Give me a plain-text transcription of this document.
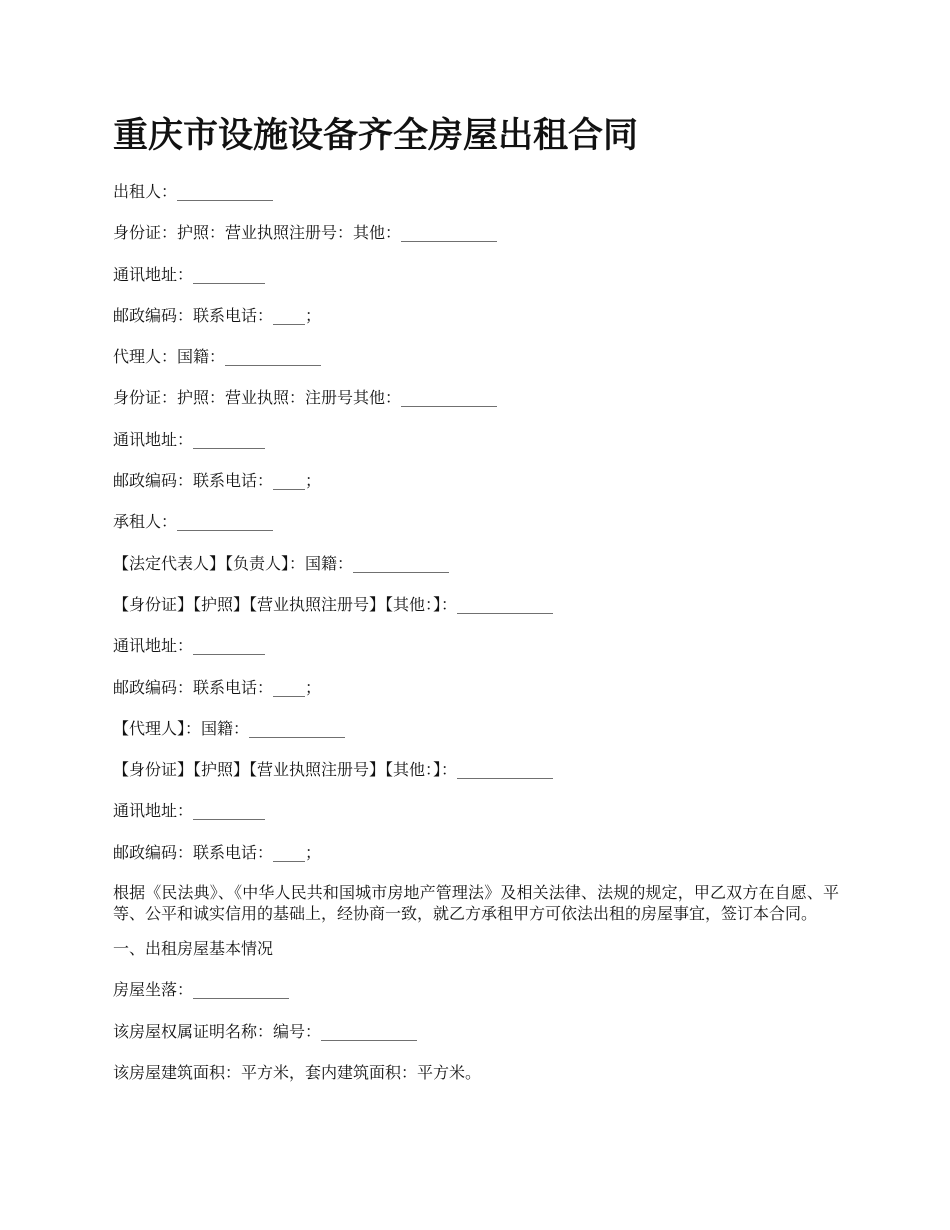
重庆市设施设备齐全房屋出租合同
出租人：____________
身份证：护照：营业执照注册号：其他：____________
通讯地址：_________
邮政编码：联系电话：____；
代理人：国籍：____________
身份证：护照：营业执照：注册号其他：____________
通讯地址：_________
邮政编码：联系电话：____；
承租人：____________
【法定代表人】【负责人】：国籍：____________
【身份证】【护照】【营业执照注册号】【其他：】：____________
通讯地址：_________
邮政编码：联系电话：____；
【代理人】：国籍：____________
【身份证】【护照】【营业执照注册号】【其他：】：____________
通讯地址：_________
邮政编码：联系电话：____；

根据《民法典》、《中华人民共和国城市房地产管理法》及相关法律、法规的规定，甲乙双方在自愿、平等、公平和诚实信用的基础上，经协商一致，就乙方承租甲方可依法出租的房屋事宜，签订本合同。

一、出租房屋基本情况
房屋坐落：____________
该房屋权属证明名称：编号：____________
该房屋建筑面积：平方米，套内建筑面积：平方米。
